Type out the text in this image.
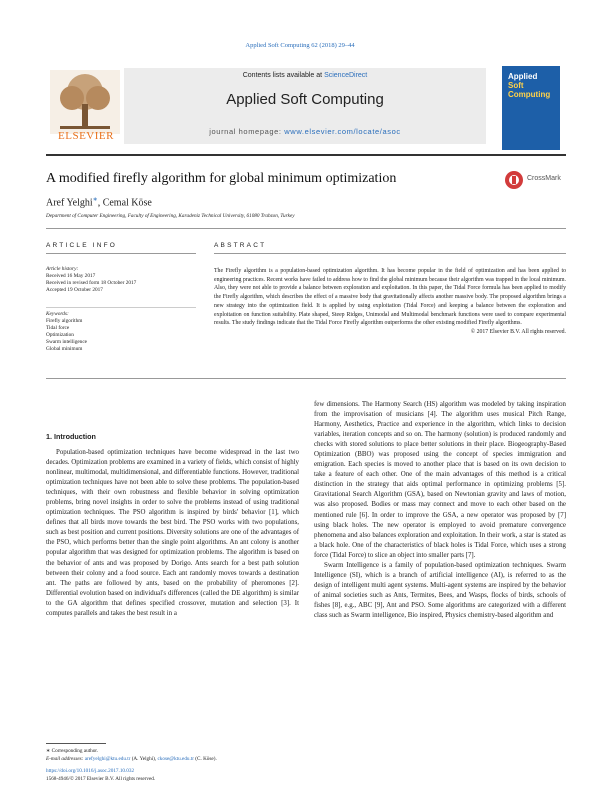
Applied Soft Computing 62 (2018) 29–44
ELSEVIER
Contents lists available at ScienceDirect
Applied Soft Computing
journal homepage: www.elsevier.com/locate/asoc
Applied
Soft
Computing
A modified firefly algorithm for global minimum optimization	CrossMark
Aref Yelghi∗, Cemal Köse
Department of Computer Engineering, Faculty of Engineering, Karadeniz Technical University, 61080 Trabzon, Turkey
ARTICLE INFO	ABSTRACT
Article history:
Received 16 May 2017
Received in revised form 18 October 2017
Accepted 19 October 2017
Keywords:
Firefly algorithm
Tidal force
Optimization
Swarm intelligence
Global minimum
The Firefly algorithm is a population-based optimization algorithm. It has become popular in the field of optimization and has been applied to engineering practices. Recent works have failed to address how to find the global minimum because their algorithm was trapped in the local minimum. Also, they were not able to provide a balance between exploration and exploitation. In this paper, the Tidal Force formula has been applied to modify the Firefly algorithm, which describes the effect of a massive body that gravitationally affects another massive body. The proposed algorithm brings a new strategy into the optimization field. It is applied by using exploitation (Tidal Force) and keeping a balance between the exploration and exploitation on function suitability. Plate shaped, Steep Ridges, Unimodal and Multimodal benchmark functions were used to compare experimental results. The study findings indicate that the Tidal Force Firefly algorithm outperforms the other existing modified Firefly algorithms.
© 2017 Elsevier B.V. All rights reserved.
1. Introduction

Population-based optimization techniques have become widespread in the last two decades. Optimization problems are examined in a variety of fields, which consist of highly nonlinear, multimodal, multidimensional, and differentiable functions. However, traditional optimization techniques have not been able to solve these problems. The population-based techniques, with their own robustness and flexible behavior in solving optimization problems, bring novel insights in order to solve the problems instead of using traditional optimization techniques. The PSO algorithm is inspired by birds' behavior [1], which defines that all birds move towards the best bird. The PSO works with two populations, such as best position and current positions. Diversity solutions are one of the advantages of the PSO, which performs better than the single point algorithms. An ant colony is another popular algorithm that was designed for optimization problems. The algorithm is based on the behavior of ants and was proposed by Dorigo. Ants search for a best path solution between their colony and a food source. Each ant randomly moves towards a destination ant. The paths are followed by ants, based on the probability of pheromones [2]. Differential evolution based on individual's differences (called the DE algorithm) is similar to the GA algorithm that defines specified crossover, mutation and selection [3]. It computes parallels and takes the best result in a

few dimensions. The Harmony Search (HS) algorithm was modeled by taking inspiration from the improvisation of musicians [4]. The algorithm uses musical Pitch Range, Harmony, Aesthetics, Practice and experience in the algorithm, which links to decision variables, iteration concepts and so on. The harmony (solution) is produced randomly and checks with stored solutions to place better solutions in their place. Biogeography-Based Optimization (BBO) was proposed using the concept of species immigration and emigration. Each species is moved to another place that is based on its own decision to take a feature of each other. One of the main advantages of this method is a critical distinction in the strategy that aids optimal performance in optimizing problems [5]. Gravitational Search Algorithm (GSA), based on Newtonian gravity and laws of motion, was also proposed. Bodies or mass may connect and move to each other based on the mentioned rule [6]. In order to improve the GSA, a new operator was proposed by [7] using black holes. The new operator is employed to avoid premature convergence phenomena and also balances exploration and exploitation. In their work, a star is stated as a black hole. One of the characteristics of black holes is Tidal Force, which uses a strong force (Tidal Force) to slice an object into smaller parts [7].

Swarm Intelligence is a family of population-based optimization techniques. Swarm Intelligence (SI), which is a branch of artificial intelligence (AI), is referred to as the design of intelligent multi agent systems. Multi-agent systems are inspired by the behavior of animal societies such as Ants, Termites, Bees, and Wasps, flocks of birds, schools of fishes [8], e.g., ABC [9], Ant and PSO. Some algorithms are categorized with a different class such as Swarm intelligence, Bio inspired, Physics chemistry-based algorithm and

∗ Corresponding author.
E-mail addresses: arefyelghi@ktu.edu.tr (A. Yelghi), ckose@ktu.edu.tr (C. Köse).
https://doi.org/10.1016/j.asoc.2017.10.032
1568-4946/© 2017 Elsevier B.V. All rights reserved.
